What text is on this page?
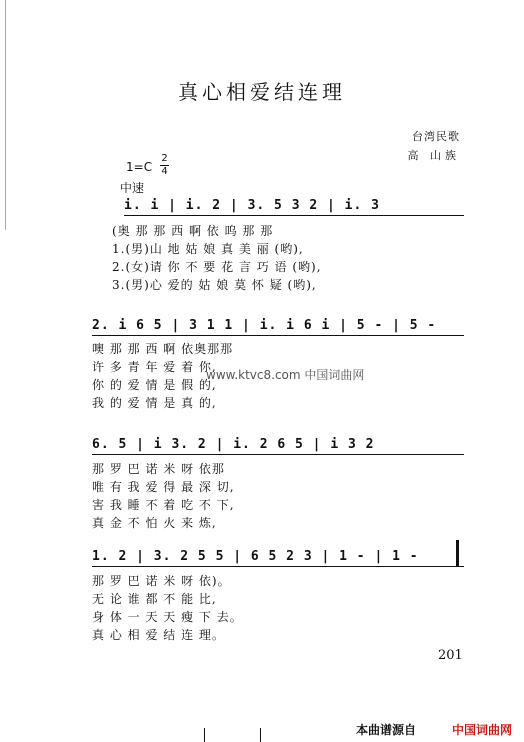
真心相爱结连理
台湾民歌
高 山族
1=C
2
4
中速
i. i | i. 2 | 3. 5 3 2 | i. 3
(奥 那 那 西 啊 依 呜 那 那
1.(男)山 地 姑 娘 真 美 丽 (哟),
2.(女)请 你 不 要 花 言 巧 语 (哟),
3.(男)心 爱的 姑 娘 莫 怀 疑 (哟),
2. i 6 5 | 3 1 1 | i. i 6 i | 5 - | 5 -
噢 那 那 西 啊 依奥那那
许 多 青 年 爱 着 你,
你 的 爱 情 是 假 的,
我 的 爱 情 是 真 的,
www.ktvc8.com 中国词曲网
6. 5 | i 3. 2 | i. 2 6 5 | i 3 2
那 罗 巴 诺 米 呀 依那
唯 有 我 爱 得 最 深 切,
害 我 睡 不 着 吃 不 下,
真 金 不 怕 火 来 炼,
1. 2 | 3. 2 5 5 | 6 5 2 3 | 1 - | 1 -
那 罗 巴 诺 米 呀 依)。
无 论 谁 都 不 能 比,
身 体 一 天 天 瘦 下 去。
真 心 相 爱 结 连 理。
201
本曲谱源自	中国词曲网
